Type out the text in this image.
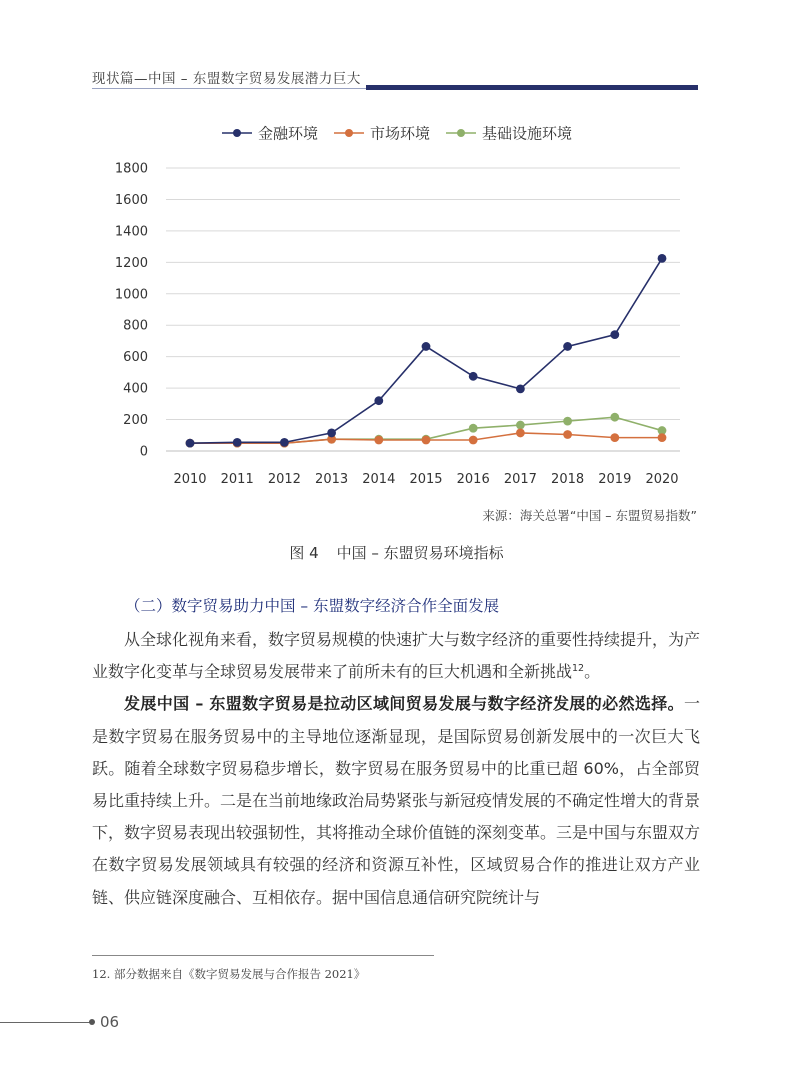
现状篇—中国 – 东盟数字贸易发展潜力巨大
金融环境	市场环境	基础设施环境
0
200
400
600
800
1000
1200
1400
1600
1800
2010 2011 2012 2013 2014 2015 2016 2017 2018 2019 2020
来源：海关总署“中国 – 东盟贸易指数”
图 4 中国 – 东盟贸易环境指标
（二）数字贸易助力中国 – 东盟数字经济合作全面发展

从全球化视角来看，数字贸易规模的快速扩大与数字经济的重要性持续提升，为产业数字化变革与全球贸易发展带来了前所未有的巨大机遇和全新挑战$^{12}$。

发展中国 – 东盟数字贸易是拉动区域间贸易发展与数字经济发展的必然选择。一是数字贸易在服务贸易中的主导地位逐渐显现，是国际贸易创新发展中的一次巨大飞跃。随着全球数字贸易稳步增长，数字贸易在服务贸易中的比重已超 60%，占全部贸易比重持续上升。二是在当前地缘政治局势紧张与新冠疫情发展的不确定性增大的背景下，数字贸易表现出较强韧性，其将推动全球价值链的深刻变革。三是中国与东盟双方在数字贸易发展领域具有较强的经济和资源互补性，区域贸易合作的推进让双方产业链、供应链深度融合、互相依存。据中国信息通信研究院统计与

12. 部分数据来自《数字贸易发展与合作报告 2021》
06
